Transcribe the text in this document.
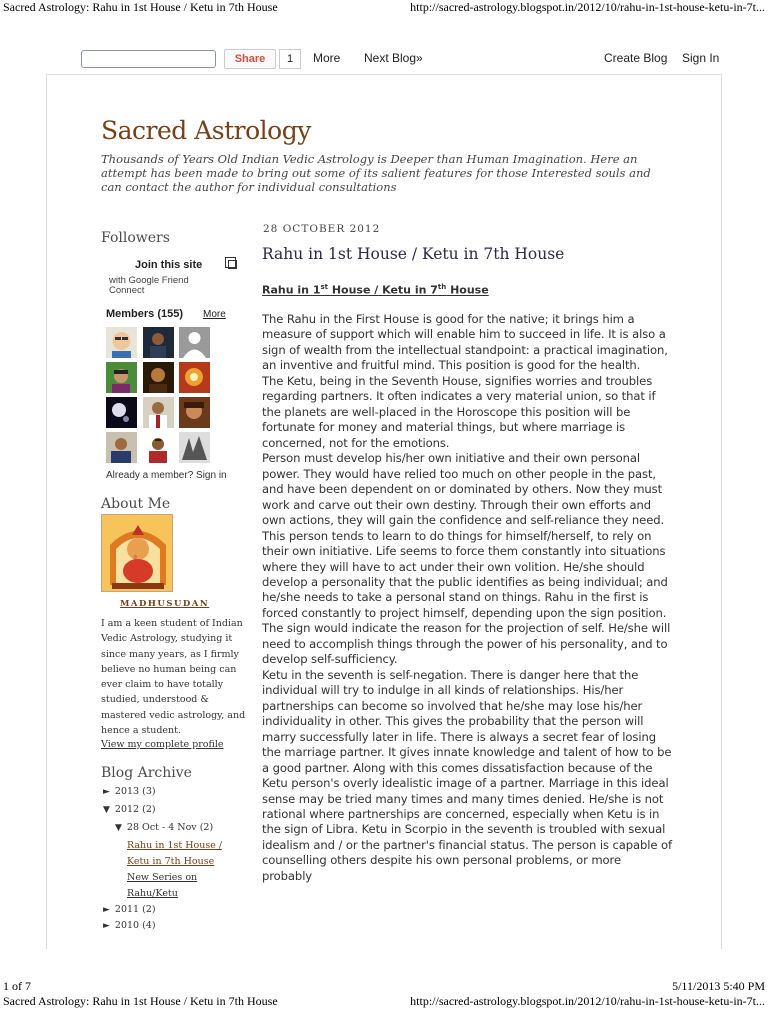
Sacred Astrology: Rahu in 1st House / Ketu in 7th House	http://sacred-astrology.blogspot.in/2012/10/rahu-in-1st-house-ketu-in-7t...
Share	1	More Next Blog»	Create Blog Sign In
Sacred Astrology
Thousands of Years Old Indian Vedic Astrology is Deeper than Human Imagination. Here an attempt has been made to bring out some of its salient features for those Interested souls and can contact the author for individual consultations
Followers
Join this site
with Google Friend Connect
Members (155) More
Already a member? Sign in
About Me
MADHUSUDAN
I am a keen student of Indian Vedic Astrology, studying it since many years, as I firmly believe no human being can ever claim to have totally studied, understood & mastered vedic astrology, and hence a student.
View my complete profile
Blog Archive
► 2013 (3)
▼ 2012 (2)
▼ 28 Oct - 4 Nov (2)
Rahu in 1st House / Ketu in 7th House
New Series on Rahu/Ketu
► 2011 (2)
► 2010 (4)
28 OCTOBER 2012
Rahu in 1st House / Ketu in 7th House
Rahu in 1st House / Ketu in 7th House

The Rahu in the First House is good for the native; it brings him a measure of support which will enable him to succeed in life. It is also a sign of wealth from the intellectual standpoint: a practical imagination, an inventive and fruitful mind. This position is good for the health.

The Ketu, being in the Seventh House, signifies worries and troubles regarding partners. It often indicates a very material union, so that if the planets are well-placed in the Horoscope this position will be fortunate for money and material things, but where marriage is concerned, not for the emotions.

Person must develop his/her own initiative and their own personal power. They would have relied too much on other people in the past, and have been dependent on or dominated by others. Now they must work and carve out their own destiny. Through their own efforts and own actions, they will gain the confidence and self-reliance they need.

This person tends to learn to do things for himself/herself, to rely on their own initiative. Life seems to force them constantly into situations where they will have to act under their own volition. He/she should develop a personality that the public identifies as being individual; and he/she needs to take a personal stand on things. Rahu in the first is forced constantly to project himself, depending upon the sign position. The sign would indicate the reason for the projection of self. He/she will need to accomplish things through the power of his personality, and to develop self-sufficiency.

Ketu in the seventh is self-negation. There is danger here that the individual will try to indulge in all kinds of relationships. His/her partnerships can become so involved that he/she may lose his/her individuality in other. This gives the probability that the person will marry successfully later in life. There is always a secret fear of losing the marriage partner. It gives innate knowledge and talent of how to be a good partner. Along with this comes dissatisfaction because of the Ketu person's overly idealistic image of a partner. Marriage in this ideal sense may be tried many times and many times denied. He/she is not rational where partnerships are concerned, especially when Ketu is in the sign of Libra. Ketu in Scorpio in the seventh is troubled with sexual idealism and / or the partner's financial status. The person is capable of counselling others despite his own personal problems, or more probably

1 of 7	5/11/2013 5:40 PM
Sacred Astrology: Rahu in 1st House / Ketu in 7th House	http://sacred-astrology.blogspot.in/2012/10/rahu-in-1st-house-ketu-in-7t...
